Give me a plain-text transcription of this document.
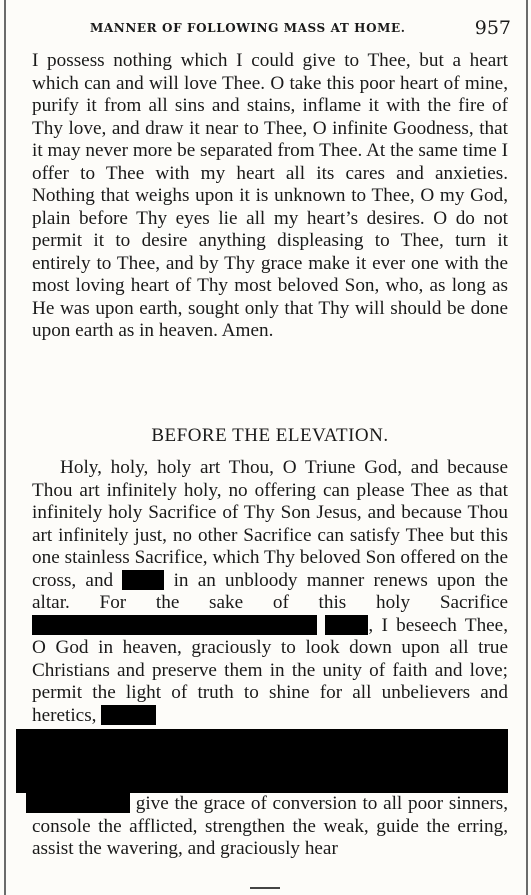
MANNER OF FOLLOWING MASS AT HOME.	957
I possess nothing which I could give to Thee, but a heart which can and will love Thee. O take this poor heart of mine, purify it from all sins and stains, inflame it with the fire of Thy love, and draw it near to Thee, O infinite Goodness, that it may never more be separated from Thee. At the same time I offer to Thee with my heart all its cares and anxieties. Nothing that weighs upon it is unknown to Thee, O my God, plain before Thy eyes lie all my heart’s desires. O do not permit it to desire anything displeasing to Thee, turn it entirely to Thee, and by Thy grace make it ever one with the most loving heart of Thy most beloved Son, who, as long as He was upon earth, sought only that Thy will should be done upon earth as in heaven. Amen.
BEFORE THE ELEVATION.
Holy, holy, holy art Thou, O Triune God, and because Thou art infinitely holy, no offering can please Thee as that infinitely holy Sacrifice of Thy Son Jesus, and because Thou art infinitely just, no other Sacrifice can satisfy Thee but this one stainless Sacrifice, which Thy beloved Son offered on the cross, and	in an unbloody manner renews upon the altar. For the sake of this holy Sacrifice  , I beseech Thee, O God in heaven, graciously to look down upon all true Christians and preserve them in the unity of faith and love; permit the light of truth to shine for all unbelievers and heretics,
give the grace of conversion to all poor sinners, console the afflicted, strengthen the weak, guide the erring, assist the wavering, and graciously hear
